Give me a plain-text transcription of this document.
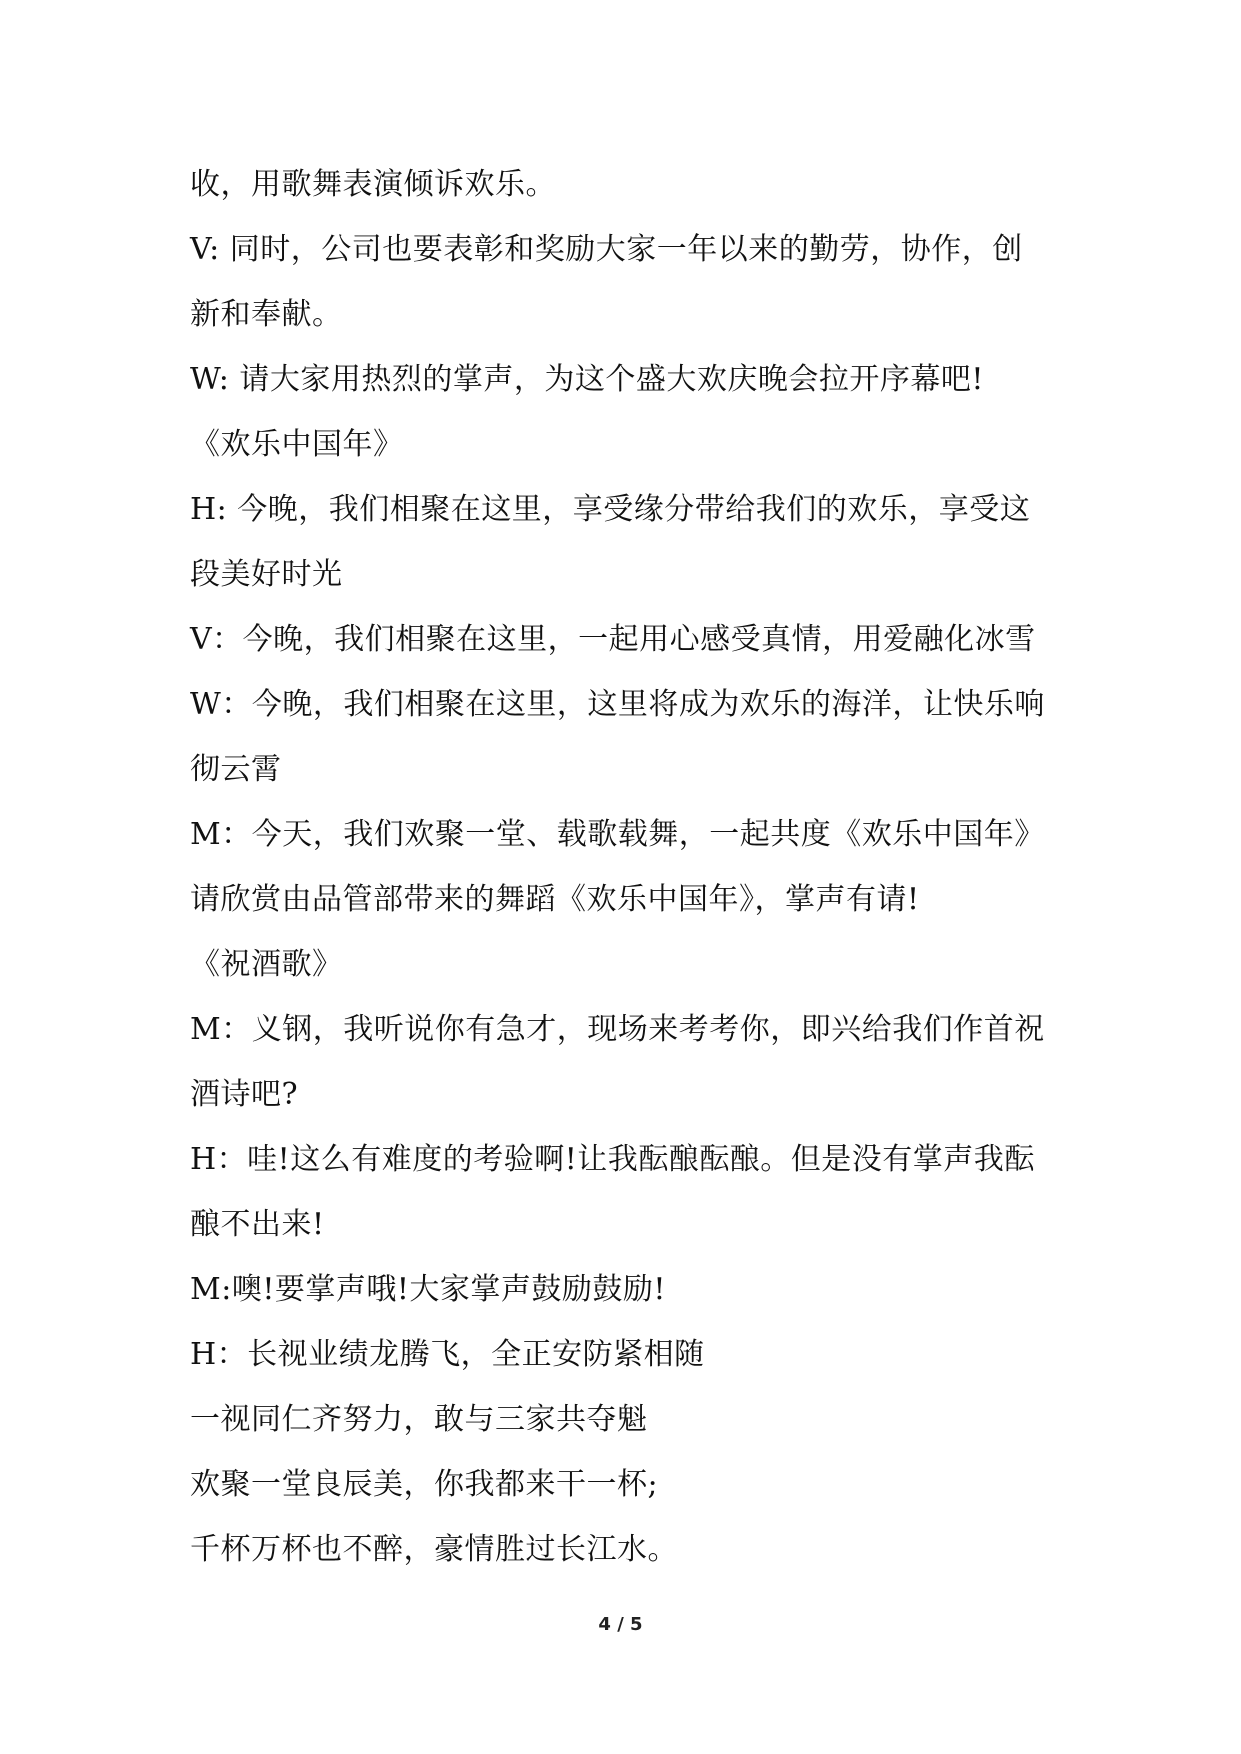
收，用歌舞表演倾诉欢乐。
V: 同时，公司也要表彰和奖励大家一年以来的勤劳，协作，创
新和奉献。
W: 请大家用热烈的掌声，为这个盛大欢庆晚会拉开序幕吧!
《欢乐中国年》
H: 今晚，我们相聚在这里，享受缘分带给我们的欢乐，享受这
段美好时光
V：今晚，我们相聚在这里，一起用心感受真情，用爱融化冰雪
W：今晚，我们相聚在这里，这里将成为欢乐的海洋，让快乐响
彻云霄
M：今天，我们欢聚一堂、载歌载舞，一起共度《欢乐中国年》
请欣赏由品管部带来的舞蹈《欢乐中国年》，掌声有请!
《祝酒歌》
M：义钢，我听说你有急才，现场来考考你，即兴给我们作首祝
酒诗吧?
H：哇!这么有难度的考验啊!让我酝酿酝酿。但是没有掌声我酝
酿不出来!
M:噢!要掌声哦!大家掌声鼓励鼓励!
H：长视业绩龙腾飞，全正安防紧相随
一视同仁齐努力，敢与三家共夺魁
欢聚一堂良辰美，你我都来干一杯;
千杯万杯也不醉，豪情胜过长江水。
4 / 5
